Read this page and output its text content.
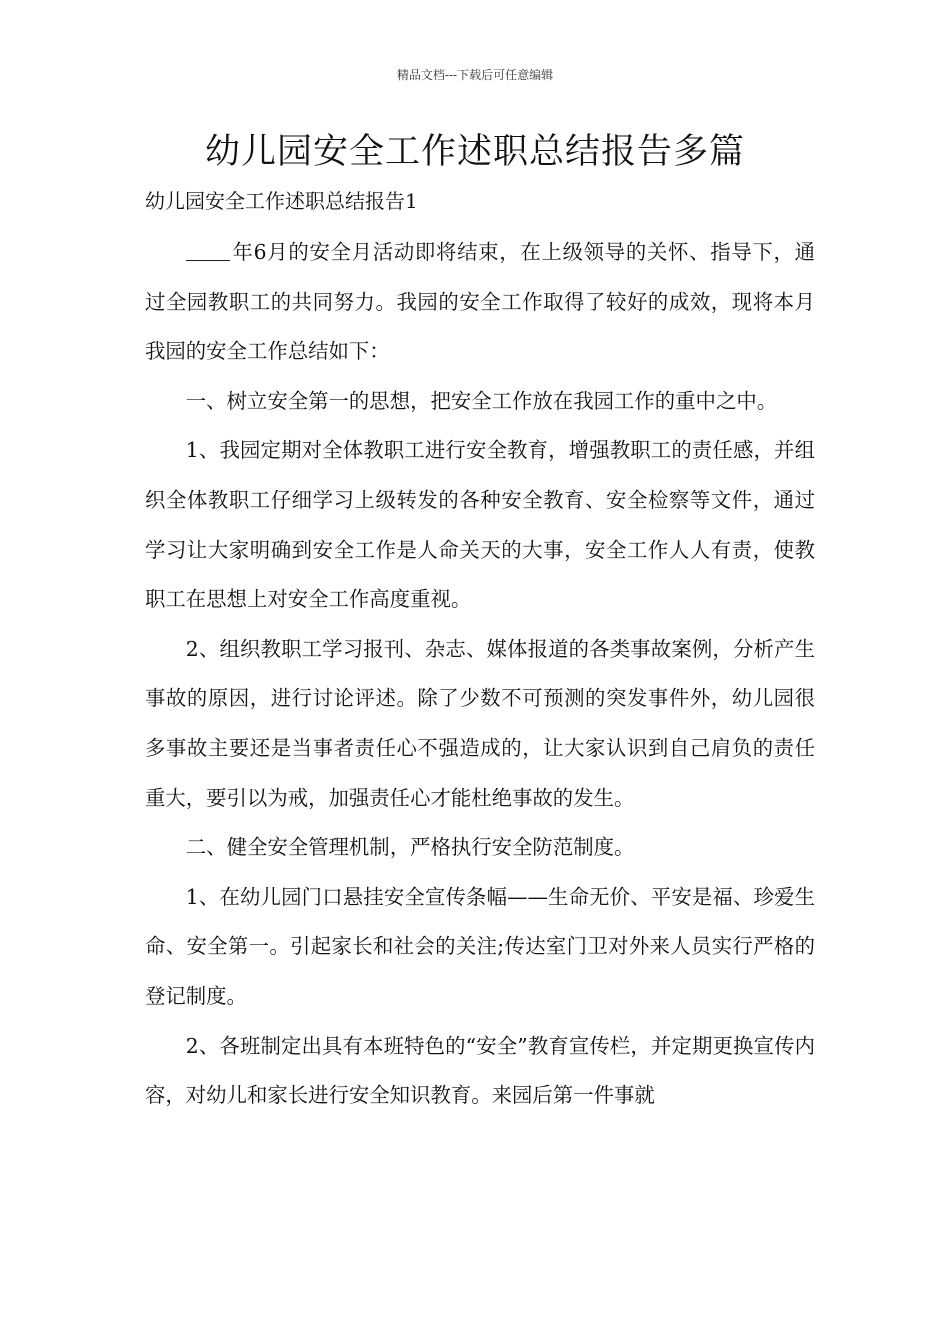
精品文档---下载后可任意编辑
幼儿园安全工作述职总结报告多篇
幼儿园安全工作述职总结报告1

年6月的安全月活动即将结束，在上级领导的关怀、指导下，通过全园教职工的共同努力。我园的安全工作取得了较好的成效，现将本月我园的安全工作总结如下：

一、树立安全第一的思想，把安全工作放在我园工作的重中之中。

1、我园定期对全体教职工进行安全教育，增强教职工的责任感，并组织全体教职工仔细学习上级转发的各种安全教育、安全检察等文件，通过学习让大家明确到安全工作是人命关天的大事，安全工作人人有责，使教职工在思想上对安全工作高度重视。

2、组织教职工学习报刊、杂志、媒体报道的各类事故案例，分析产生事故的原因，进行讨论评述。除了少数不可预测的突发事件外，幼儿园很多事故主要还是当事者责任心不强造成的，让大家认识到自己肩负的责任重大，要引以为戒，加强责任心才能杜绝事故的发生。

二、健全安全管理机制，严格执行安全防范制度。

1、在幼儿园门口悬挂安全宣传条幅——生命无价、平安是福、珍爱生命、安全第一。引起家长和社会的关注;传达室门卫对外来人员实行严格的登记制度。

2、各班制定出具有本班特色的“安全”教育宣传栏，并定期更换宣传内容，对幼儿和家长进行安全知识教育。来园后第一件事就
